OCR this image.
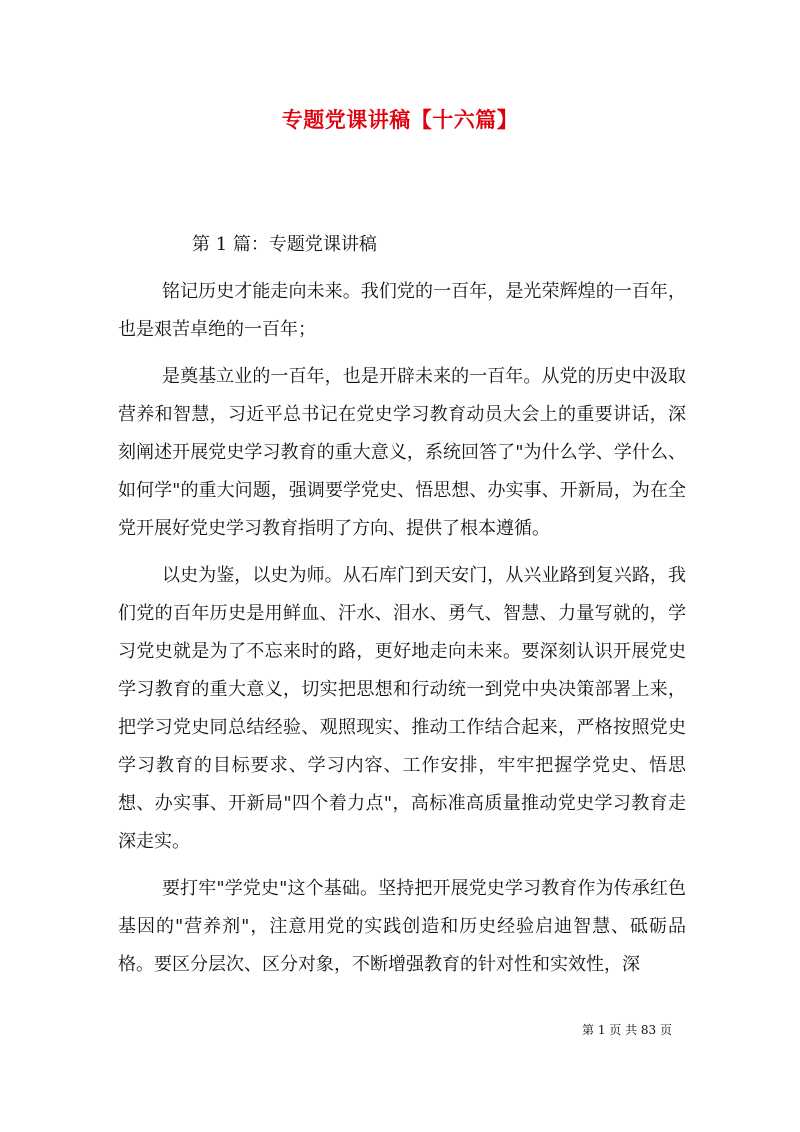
专题党课讲稿【十六篇】

第 1 篇：专题党课讲稿

铭记历史才能走向未来。我们党的一百年，是光荣辉煌的一百年，也是艰苦卓绝的一百年；

是奠基立业的一百年，也是开辟未来的一百年。从党的历史中汲取营养和智慧，习近平总书记在党史学习教育动员大会上的重要讲话，深刻阐述开展党史学习教育的重大意义，系统回答了"为什么学、学什么、如何学"的重大问题，强调要学党史、悟思想、办实事、开新局，为在全党开展好党史学习教育指明了方向、提供了根本遵循。

以史为鉴，以史为师。从石库门到天安门，从兴业路到复兴路，我们党的百年历史是用鲜血、汗水、泪水、勇气、智慧、力量写就的，学习党史就是为了不忘来时的路，更好地走向未来。要深刻认识开展党史学习教育的重大意义，切实把思想和行动统一到党中央决策部署上来，把学习党史同总结经验、观照现实、推动工作结合起来，严格按照党史学习教育的目标要求、学习内容、工作安排，牢牢把握学党史、悟思想、办实事、开新局"四个着力点"，高标准高质量推动党史学习教育走深走实。

要打牢"学党史"这个基础。坚持把开展党史学习教育作为传承红色基因的"营养剂"，注意用党的实践创造和历史经验启迪智慧、砥砺品格。要区分层次、区分对象，不断增强教育的针对性和实效性，深

第 1 页 共 83 页
